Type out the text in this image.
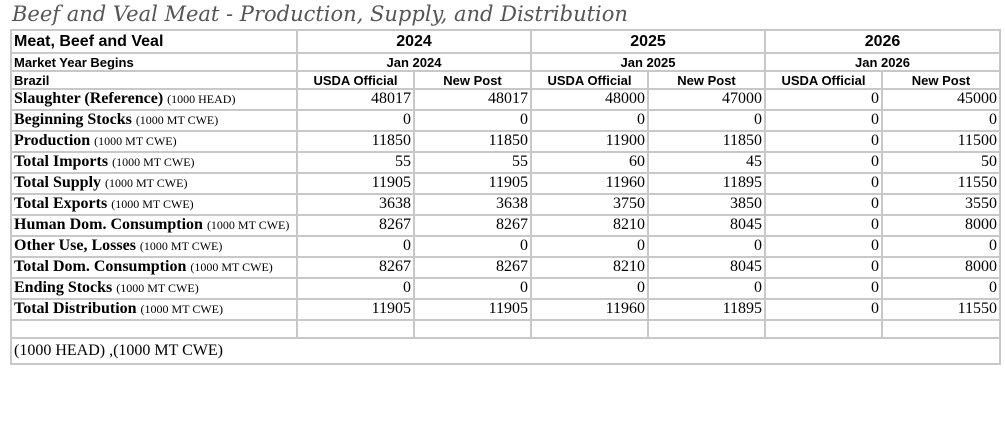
Beef and Veal Meat - Production, Supply, and Distribution
Meat, Beef and Veal	2024		2025		2026	
Market Year Begins	Jan 2024		Jan 2025		Jan 2026	
Brazil	USDA Official	New Post	USDA Official	New Post	USDA Official	New Post
Slaughter (Reference) (1000 HEAD)	48017	48017	48000	47000	0	45000
Beginning Stocks (1000 MT CWE)	0	0	0	0	0	0
Production (1000 MT CWE)	11850	11850	11900	11850	0	11500
Total Imports (1000 MT CWE)	55	55	60	45	0	50
Total Supply (1000 MT CWE)	11905	11905	11960	11895	0	11550
Total Exports (1000 MT CWE)	3638	3638	3750	3850	0	3550
Human Dom. Consumption (1000 MT CWE)	8267	8267	8210	8045	0	8000
Other Use, Losses (1000 MT CWE)	0	0	0	0	0	0
Total Dom. Consumption (1000 MT CWE)	8267	8267	8210	8045	0	8000
Ending Stocks (1000 MT CWE)	0	0	0	0	0	0
Total Distribution (1000 MT CWE)	11905	11905	11960	11895	0	11550

(1000 HEAD) ,(1000 MT CWE)						
